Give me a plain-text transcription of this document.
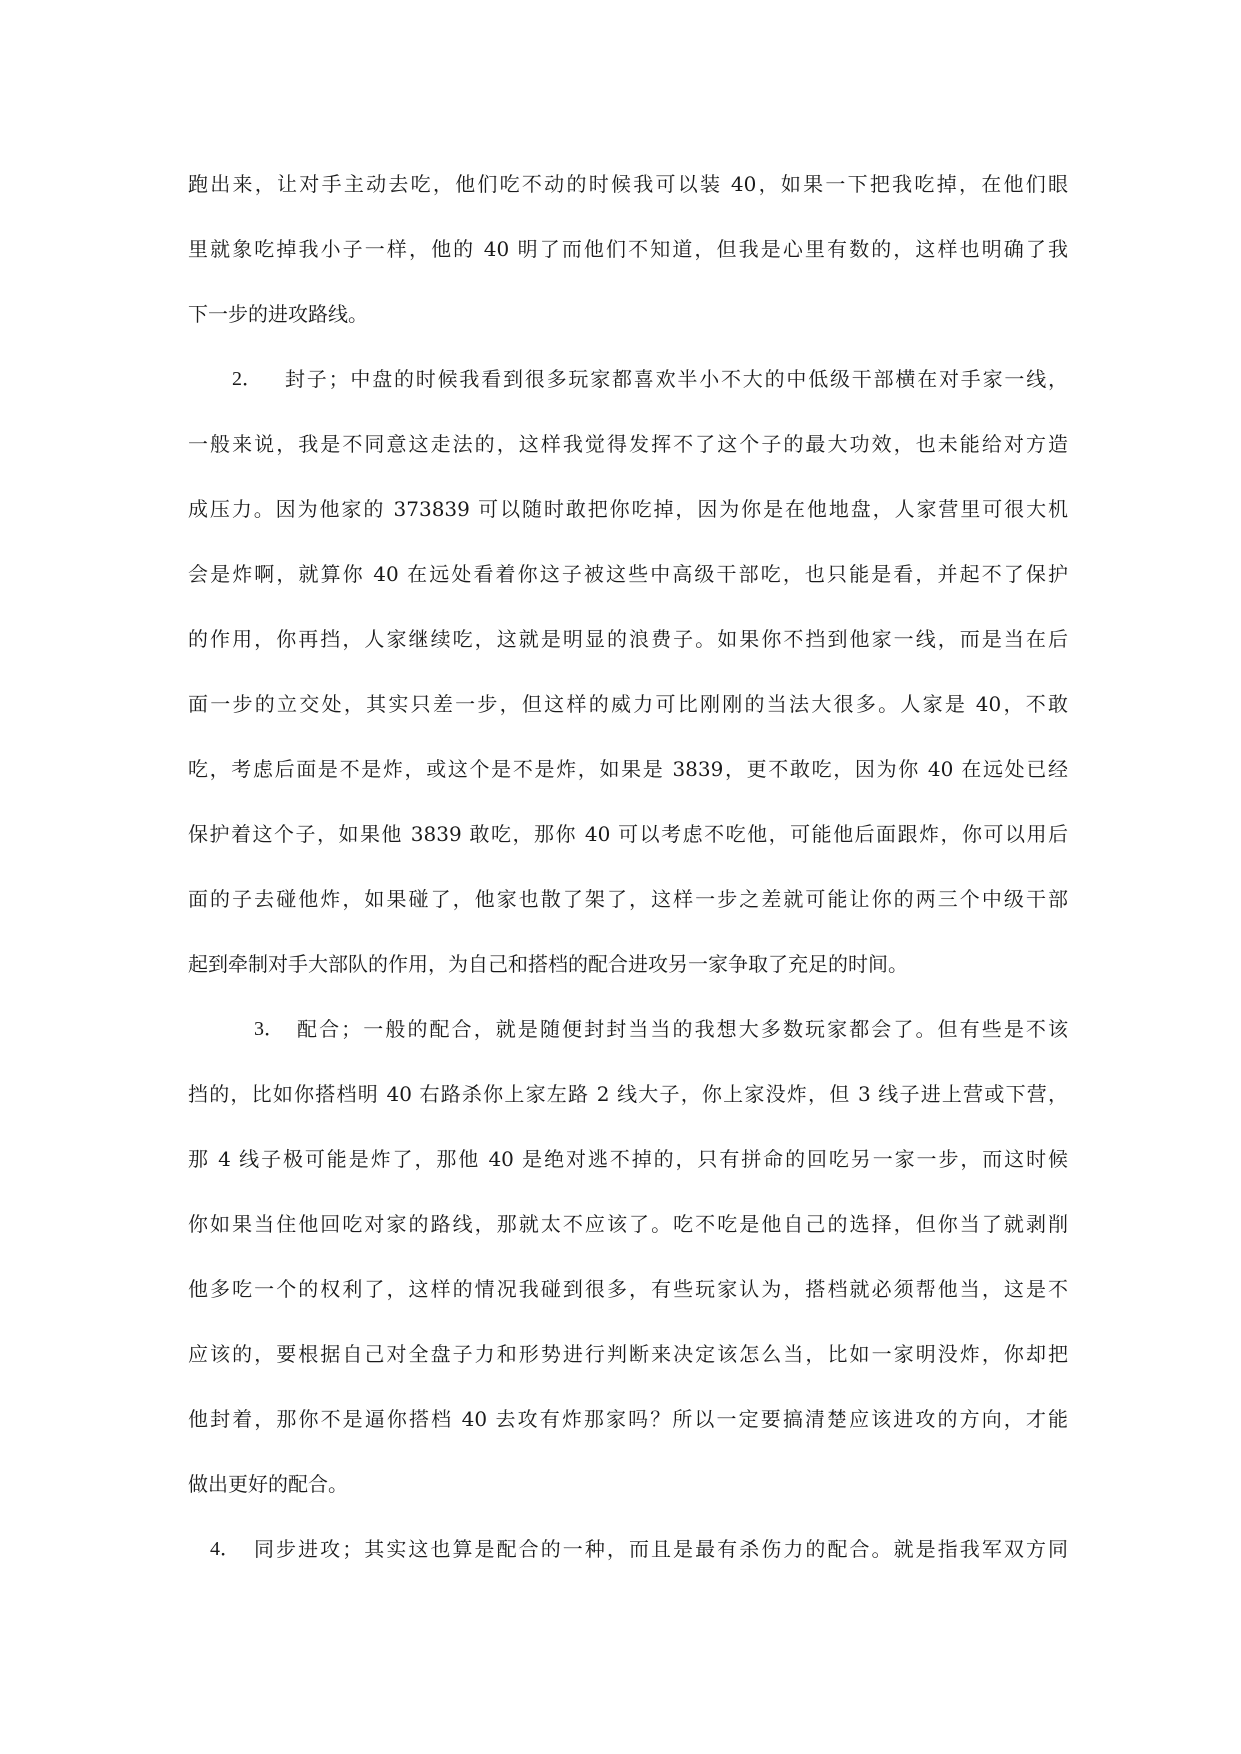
跑出来，让对手主动去吃，他们吃不动的时候我可以装 40，如果一下把我吃掉，在他们眼
里就象吃掉我小子一样，他的 40 明了而他们不知道，但我是心里有数的，这样也明确了我
下一步的进攻路线。
2． 封子；中盘的时候我看到很多玩家都喜欢半小不大的中低级干部横在对手家一线，
一般来说，我是不同意这走法的，这样我觉得发挥不了这个子的最大功效，也未能给对方造
成压力。因为他家的 373839 可以随时敢把你吃掉，因为你是在他地盘，人家营里可很大机
会是炸啊，就算你 40 在远处看着你这子被这些中高级干部吃，也只能是看，并起不了保护
的作用，你再挡，人家继续吃，这就是明显的浪费子。如果你不挡到他家一线，而是当在后
面一步的立交处，其实只差一步，但这样的威力可比刚刚的当法大很多。人家是 40，不敢
吃，考虑后面是不是炸，或这个是不是炸，如果是 3839，更不敢吃，因为你 40 在远处已经
保护着这个子，如果他 3839 敢吃，那你 40 可以考虑不吃他，可能他后面跟炸，你可以用后
面的子去碰他炸，如果碰了，他家也散了架了，这样一步之差就可能让你的两三个中级干部
起到牵制对手大部队的作用，为自己和搭档的配合进攻另一家争取了充足的时间。
3． 配合；一般的配合，就是随便封封当当的我想大多数玩家都会了。但有些是不该
挡的，比如你搭档明 40 右路杀你上家左路 2 线大子，你上家没炸，但 3 线子进上营或下营，
那 4 线子极可能是炸了，那他 40 是绝对逃不掉的，只有拼命的回吃另一家一步，而这时候
你如果当住他回吃对家的路线，那就太不应该了。吃不吃是他自己的选择，但你当了就剥削
他多吃一个的权利了，这样的情况我碰到很多，有些玩家认为，搭档就必须帮他当，这是不
应该的，要根据自己对全盘子力和形势进行判断来决定该怎么当，比如一家明没炸，你却把
他封着，那你不是逼你搭档 40 去攻有炸那家吗？所以一定要搞清楚应该进攻的方向，才能
做出更好的配合。
4． 同步进攻；其实这也算是配合的一种，而且是最有杀伤力的配合。就是指我军双方同
